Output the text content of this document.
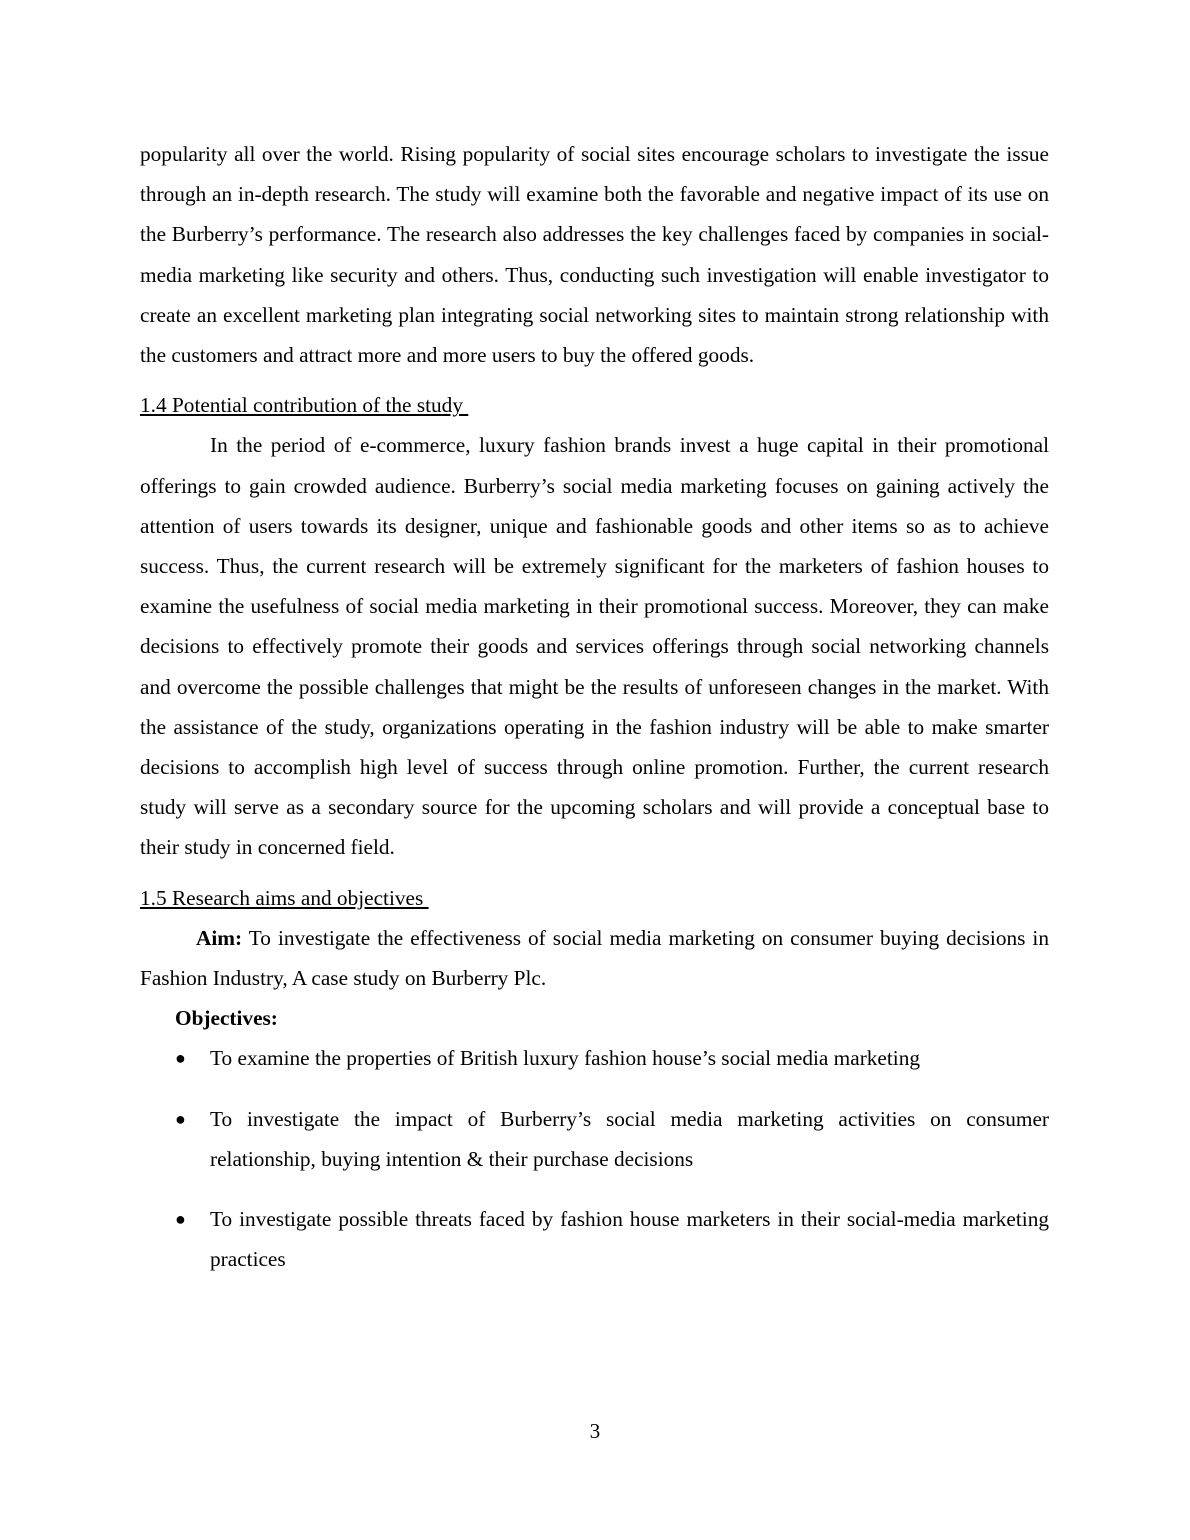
popularity all over the world. Rising popularity of social sites encourage scholars to investigate the issue through an in-depth research. The study will examine both the favorable and negative impact of its use on the Burberry’s performance. The research also addresses the key challenges faced by companies in social-media marketing like security and others. Thus, conducting such investigation will enable investigator to create an excellent marketing plan integrating social networking sites to maintain strong relationship with the customers and attract more and more users to buy the offered goods.

1.4 Potential contribution of the study

In the period of e-commerce, luxury fashion brands invest a huge capital in their promotional offerings to gain crowded audience. Burberry’s social media marketing focuses on gaining actively the attention of users towards its designer, unique and fashionable goods and other items so as to achieve success. Thus, the current research will be extremely significant for the marketers of fashion houses to examine the usefulness of social media marketing in their promotional success. Moreover, they can make decisions to effectively promote their goods and services offerings through social networking channels and overcome the possible challenges that might be the results of unforeseen changes in the market. With the assistance of the study, organizations operating in the fashion industry will be able to make smarter decisions to accomplish high level of success through online promotion. Further, the current research study will serve as a secondary source for the upcoming scholars and will provide a conceptual base to their study in concerned field.

1.5 Research aims and objectives

Aim: To investigate the effectiveness of social media marketing on consumer buying decisions in Fashion Industry, A case study on Burberry Plc.

Objectives:

● To examine the properties of British luxury fashion house’s social media marketing
● To investigate the impact of Burberry’s social media marketing activities on consumer relationship, buying intention & their purchase decisions
● To investigate possible threats faced by fashion house marketers in their social-media marketing practices
3
